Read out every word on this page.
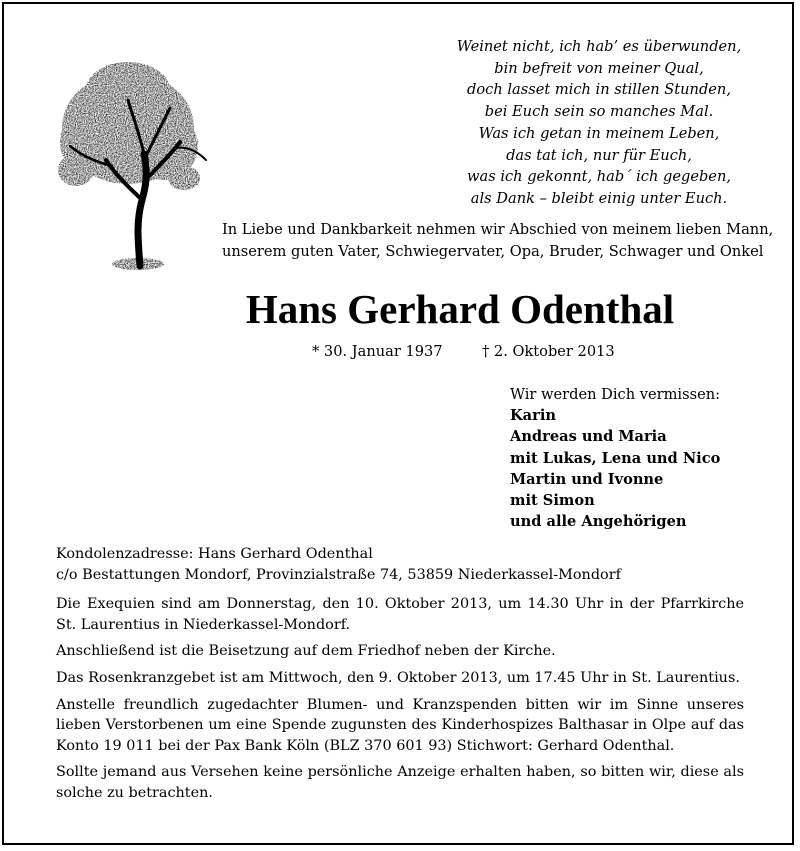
Weinet nicht, ich hab’ es überwunden,
bin befreit von meiner Qual,
doch lasset mich in stillen Stunden,
bei Euch sein so manches Mal.
Was ich getan in meinem Leben,
das tat ich, nur für Euch,
was ich gekonnt, hab´ ich gegeben,
als Dank – bleibt einig unter Euch.
In Liebe und Dankbarkeit nehmen wir Abschied von meinem lieben Mann,
unserem guten Vater, Schwiegervater, Opa, Bruder, Schwager und Onkel
Hans Gerhard Odenthal
* 30. Januar 1937	† 2. Oktober 2013
Wir werden Dich vermissen:
Karin
Andreas und Maria
mit Lukas, Lena und Nico
Martin und Ivonne
mit Simon
und alle Angehörigen
Kondolenzadresse: Hans Gerhard Odenthal
c/o Bestattungen Mondorf, Provinzialstraße 74, 53859 Niederkassel-Mondorf

Die Exequien sind am Donnerstag, den 10. Oktober 2013, um 14.30 Uhr in der Pfarrkirche St. Laurentius in Niederkassel-Mondorf.

Anschließend ist die Beisetzung auf dem Friedhof neben der Kirche.

Das Rosenkranzgebet ist am Mittwoch, den 9. Oktober 2013, um 17.45 Uhr in St. Laurentius.

Anstelle freundlich zugedachter Blumen- und Kranzspenden bitten wir im Sinne unseres lieben Verstorbenen um eine Spende zugunsten des Kinderhospizes Balthasar in Olpe auf das Konto 19 011 bei der Pax Bank Köln (BLZ 370 601 93) Stichwort: Gerhard Odenthal.

Sollte jemand aus Versehen keine persönliche Anzeige erhalten haben, so bitten wir, diese als solche zu betrachten.
